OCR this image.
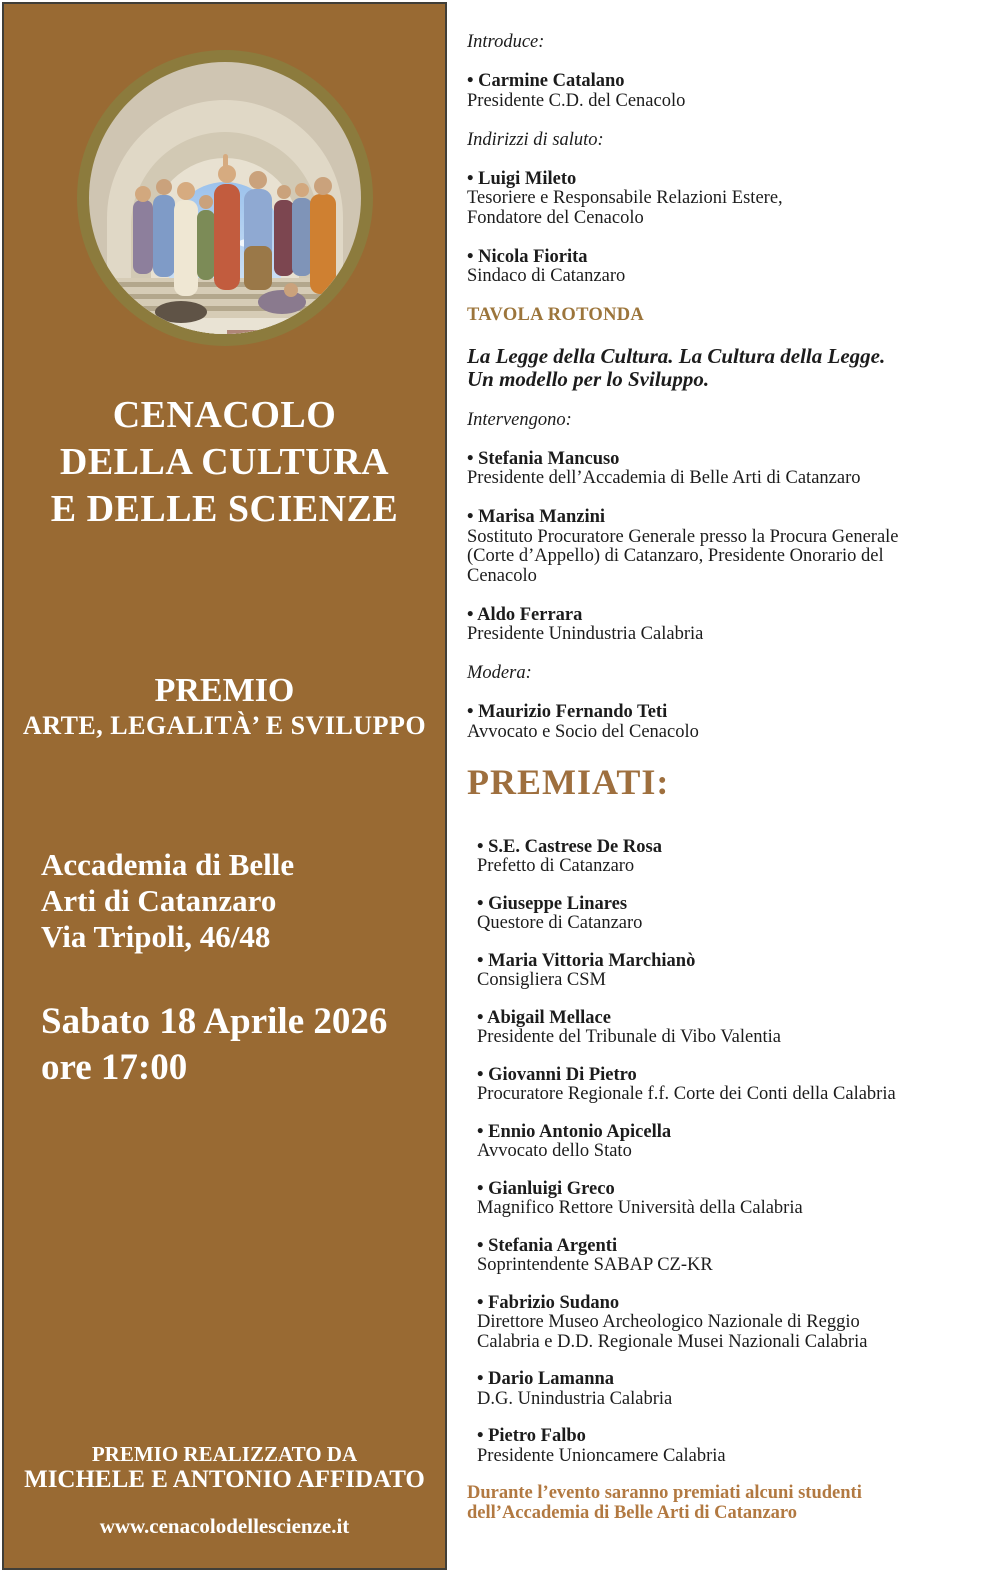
CENACOLO
DELLA CULTURA
E DELLE SCIENZE
PREMIO
ARTE, LEGALITÀ’ E SVILUPPO
Accademia di Belle
Arti di Catanzaro
Via Tripoli, 46/48
Sabato 18 Aprile 2026
ore 17:00
PREMIO REALIZZATO DA
MICHELE E ANTONIO AFFIDATO
www.cenacolodellescienze.it
Introduce:
• Carmine Catalano
Presidente C.D. del Cenacolo
Indirizzi di saluto:
• Luigi Mileto
Tesoriere e Responsabile Relazioni Estere,
Fondatore del Cenacolo
• Nicola Fiorita
Sindaco di Catanzaro
TAVOLA ROTONDA
La Legge della Cultura. La Cultura della Legge.
Un modello per lo Sviluppo.
Intervengono:
• Stefania Mancuso
Presidente dell’Accademia di Belle Arti di Catanzaro
• Marisa Manzini
Sostituto Procuratore Generale presso la Procura Generale
(Corte d’Appello) di Catanzaro, Presidente Onorario del
Cenacolo
• Aldo Ferrara
Presidente Unindustria Calabria
Modera:
• Maurizio Fernando Teti
Avvocato e Socio del Cenacolo
PREMIATI:
• S.E. Castrese De Rosa
Prefetto di Catanzaro
• Giuseppe Linares
Questore di Catanzaro
• Maria Vittoria Marchianò
Consigliera CSM
• Abigail Mellace
Presidente del Tribunale di Vibo Valentia
• Giovanni Di Pietro
Procuratore Regionale f.f. Corte dei Conti della Calabria
• Ennio Antonio Apicella
Avvocato dello Stato
• Gianluigi Greco
Magnifico Rettore Università della Calabria
• Stefania Argenti
Soprintendente SABAP CZ-KR
• Fabrizio Sudano
Direttore Museo Archeologico Nazionale di Reggio
Calabria e D.D. Regionale Musei Nazionali Calabria
• Dario Lamanna
D.G. Unindustria Calabria
• Pietro Falbo
Presidente Unioncamere Calabria
Durante l’evento saranno premiati alcuni studenti
dell’Accademia di Belle Arti di Catanzaro
